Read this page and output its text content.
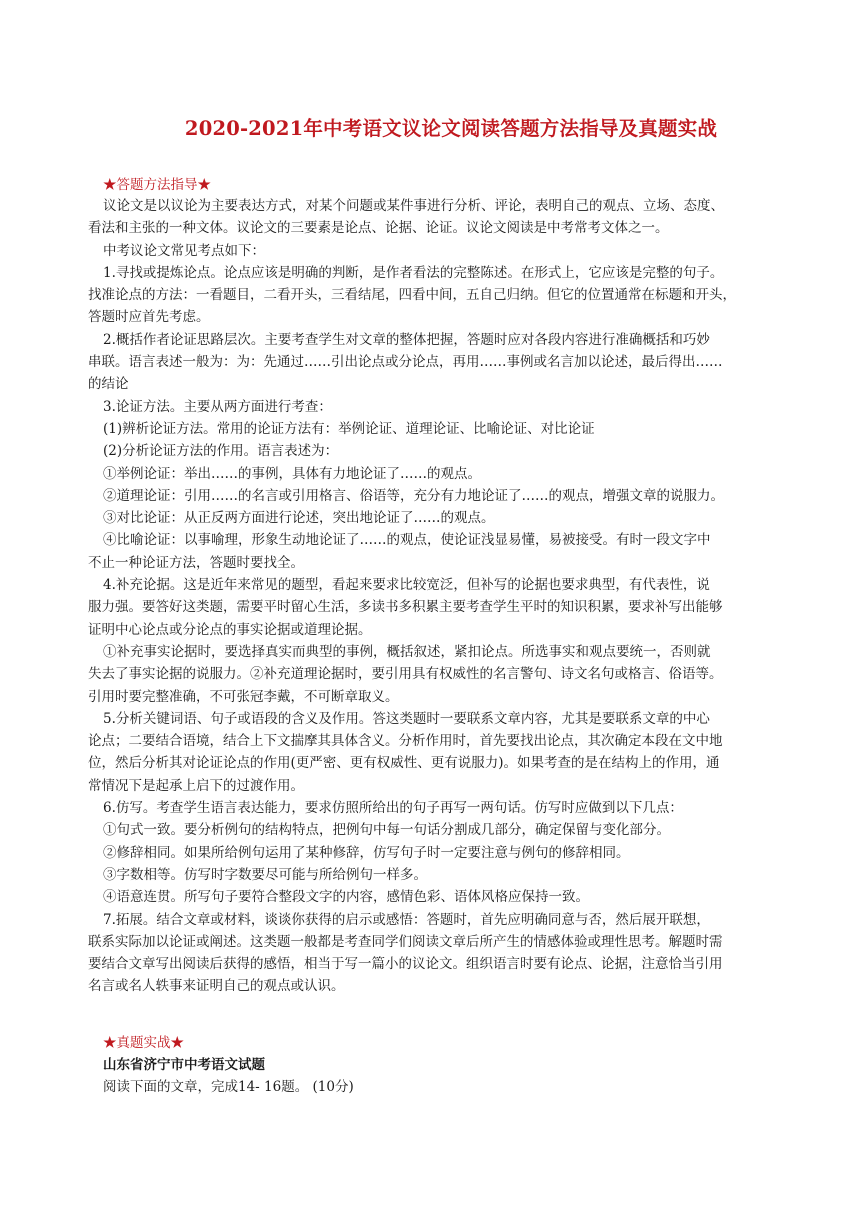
2020-2021年中考语文议论文阅读答题方法指导及真题实战
★答题方法指导★
议论文是以议论为主要表达方式，对某个问题或某件事进行分析、评论，表明自己的观点、立场、态度、
看法和主张的一种文体。议论文的三要素是论点、论据、论证。议论文阅读是中考常考文体之一。
中考议论文常见考点如下：
1.寻找或提炼论点。论点应该是明确的判断，是作者看法的完整陈述。在形式上，它应该是完整的句子。
找准论点的方法：一看题目，二看开头，三看结尾，四看中间，五自己归纳。但它的位置通常在标题和开头，
答题时应首先考虑。
2.概括作者论证思路层次。主要考查学生对文章的整体把握，答题时应对各段内容进行准确概括和巧妙
串联。语言表述一般为：为：先通过……引出论点或分论点，再用……事例或名言加以论述，最后得出……
的结论
3.论证方法。主要从两方面进行考查：
(1)辨析论证方法。常用的论证方法有：举例论证、道理论证、比喻论证、对比论证
(2)分析论证方法的作用。语言表述为：
①举例论证：举出……的事例，具体有力地论证了……的观点。
②道理论证：引用……的名言或引用格言、俗语等，充分有力地论证了……的观点，增强文章的说服力。
③对比论证：从正反两方面进行论述，突出地论证了……的观点。
④比喻论证：以事喻理，形象生动地论证了……的观点，使论证浅显易懂，易被接受。有时一段文字中
不止一种论证方法，答题时要找全。
4.补充论据。这是近年来常见的题型，看起来要求比较宽泛，但补写的论据也要求典型，有代表性，说
服力强。要答好这类题，需要平时留心生活，多读书多积累主要考查学生平时的知识积累，要求补写出能够
证明中心论点或分论点的事实论据或道理论据。
①补充事实论据时，要选择真实而典型的事例，概括叙述，紧扣论点。所选事实和观点要统一，否则就
失去了事实论据的说服力。②补充道理论据时，要引用具有权威性的名言警句、诗文名句或格言、俗语等。
引用时要完整准确，不可张冠李戴，不可断章取义。
5.分析关键词语、句子或语段的含义及作用。答这类题时一要联系文章内容，尤其是要联系文章的中心
论点；二要结合语境，结合上下文揣摩其具体含义。分析作用时，首先要找出论点，其次确定本段在文中地
位，然后分析其对论证论点的作用(更严密、更有权威性、更有说服力)。如果考查的是在结构上的作用，通
常情况下是起承上启下的过渡作用。
6.仿写。考查学生语言表达能力，要求仿照所给出的句子再写一两句话。仿写时应做到以下几点：
①句式一致。要分析例句的结构特点，把例句中每一句话分割成几部分，确定保留与变化部分。
②修辞相同。如果所给例句运用了某种修辞，仿写句子时一定要注意与例句的修辞相同。
③字数相等。仿写时字数要尽可能与所给例句一样多。
④语意连贯。所写句子要符合整段文字的内容，感情色彩、语体风格应保持一致。
7.拓展。结合文章或材料，谈谈你获得的启示或感悟：答题时，首先应明确同意与否，然后展开联想，
联系实际加以论证或阐述。这类题一般都是考查同学们阅读文章后所产生的情感体验或理性思考。解题时需
要结合文章写出阅读后获得的感悟，相当于写一篇小的议论文。组织语言时要有论点、论据，注意恰当引用
名言或名人轶事来证明自己的观点或认识。
★真题实战★
山东省济宁市中考语文试题
阅读下面的文章，完成14- 16题。 (10分)
